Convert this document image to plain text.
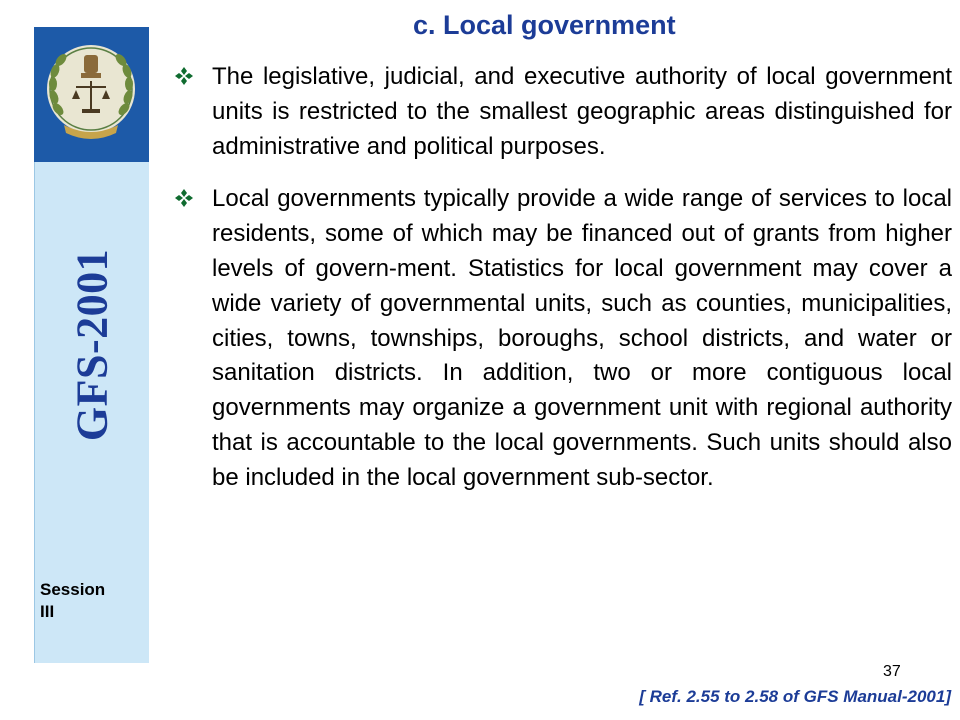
GFS-2001
Session
III
c. Local government
The legislative, judicial, and executive authority of local government units is restricted to the smallest geographic areas distinguished for administrative and political purposes.
Local governments typically provide a wide range of services to local residents, some of which may be financed out of grants from higher levels of govern-ment. Statistics for local government may cover a wide variety of governmental units, such as counties, municipalities, cities, towns, townships, boroughs, school districts, and water or sanitation districts. In addition, two or more contiguous local governments may organize a government unit with regional authority that is accountable to the local governments. Such units should also be included in the local government sub-sector.
37
[ Ref. 2.55 to 2.58 of GFS Manual-2001]
